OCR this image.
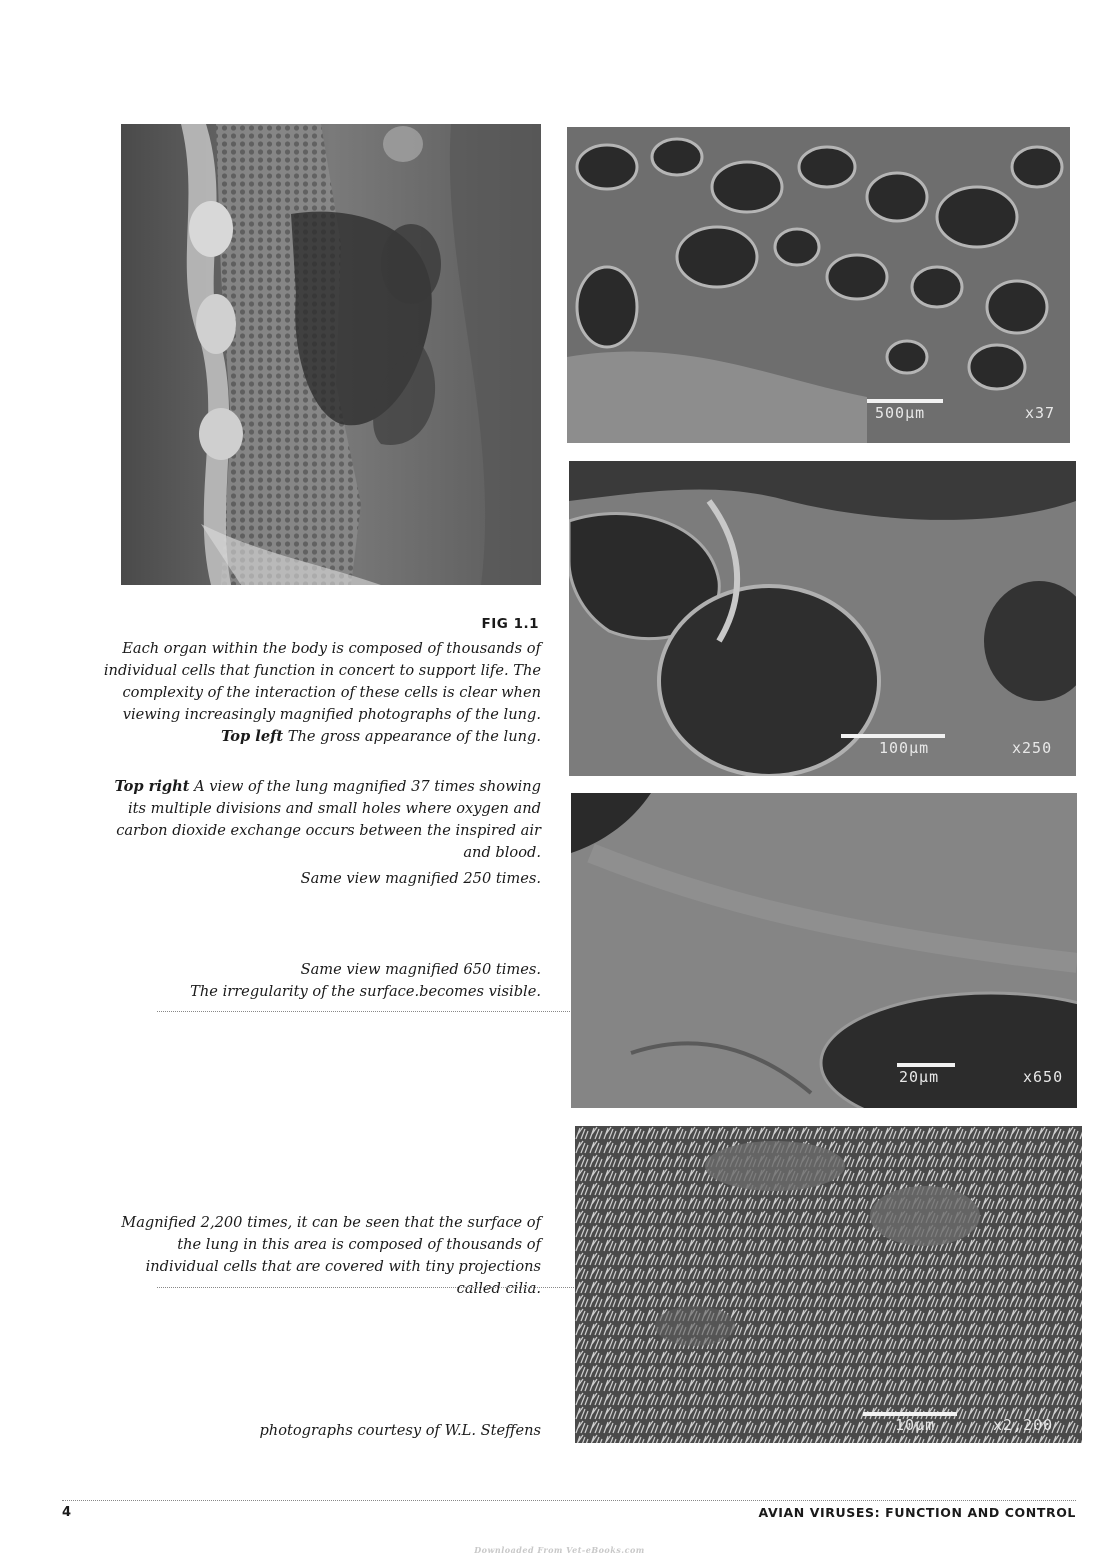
500µm	x37
100µm	x250
20µm	x650
10µm	x2,200
FIG 1.1
Each organ within the body is composed of thousands of individual cells that function in concert to support life. The complexity of the interaction of these cells is clear when viewing increasingly magnified photographs of the lung. Top left The gross appearance of the lung.
Top right A view of the lung magnified 37 times showing its multiple divisions and small holes where oxygen and carbon dioxide exchange occurs between the inspired air and blood.
Same view magnified 250 times.
Same view magnified 650 times.
The irregularity of the surface.becomes visible.
Magnified 2,200 times, it can be seen that the surface of the lung in this area is composed of thousands of individual cells that are covered with tiny projections called cilia.
photographs courtesy of W.L. Steffens
4	AVIAN VIRUSES: FUNCTION AND CONTROL
Downloaded From Vet-eBooks.com
